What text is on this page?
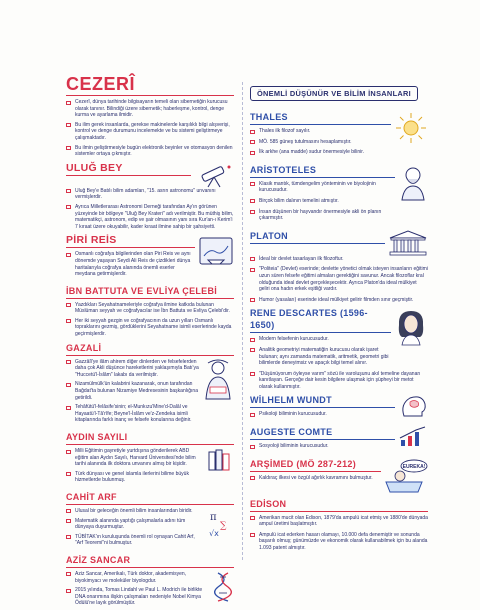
CEZERÎ
Cezerî, dünya tarihinde bilgisayarın temeli olan sibernetiğin kurucusu olarak tanınır. Bilindiği üzere sibernetik; haberleşme, kontrol, denge kurma ve ayarlama ilmidir.
Bu ilim gerek insanlarda, gerekse makinelerde karşılıklı bilgi alışverişi, kontrol ve denge durumunu incelemekte ve bu sistemi geliştirmeye çalışmaktadır.
Bu ilmin geliştirmesiyle bugün elektronik beyinler ve otomasyon denilen sistemler ortaya çıkmıştır.
ULUĞ BEY
Uluğ Bey'e Batılı bilim adamları, "15. asrın astronomu" unvanını vermişlerdir.
Ayrıca Milletlerarası Astronomi Derneği tarafından Ay'ın görünen yüzeyinde bir bölgeye "Uluğ Bey Krateri" adı verilmiştir. Bu müthiş bilim, matematikçi, astronom, edip ve şair olmasının yanı sıra Kur'an-ı Kerim'i 7 kıraat üzere okuyabilir, kader kıraat ilmine sahip bir şahsiyetti.
PİRİ REİS
Osmanlı coğrafya bilgilerinden olan Piri Reis ve aynı dönemde yaşayan Seydi Ali Reis de çizdikleri dünya haritalarıyla coğrafya alanında önemli eserler meydana getirmişlerdir.
İBN BATTUTA VE EVLİYA ÇELEBİ
Yazdıkları Seyahatnameleriyle coğrafya ilmine katkıda bulunan Müslüman seyyah ve coğrafyacılar ise İbn Battuta ve Evliya Çelebi'dir.
Her iki seyyah gezgin ve coğrafyacının da uzun yılları Osmanlı topraklarını gezmiş, gördüklerini Seyahatname isimli eserlerinde kayda geçirmişlerdir.
GAZALİ
Gazzâlî'ye ilâm ahirem diğer dinlerden ve felsefelerden daha çok Akli düşünce hareketlerini yaklaşımıyla Batı'ya "Huccetü'l-İslâm" lakabı da verilmiştir.
Nizamülmülk'ün kalabrini kazanarak, onun tarafından Bağdat'ta bulunan Nizamiye Medresesinin başkanlığına getirildi.
Tehâfütü'l-felâsife'sinin; el-Munkızu'Mine'd-Dalâl ve Hayaatü'l-Tâ'rîfe; Beyne'l-İslâm ve'z-Zendeka isimli kitaplarında farklı inanç ve felsefe konularına değinir.
AYDIN SAYILI
Milli Eğitimin gayretiyle yurtdışına gönderilerek ABD eğitim alan Aydın Sayılı, Harvard Üniversitesi'nde bilim tarihi alanında ilk doktora unvanını almış bir kişidir.
Türk dünyası ve genel islamla ilerlerini bilime büyük hizmetlerde bulunmuş.
CAHİT ARF
Ulusal bir geleceğin önemli bilim insanlarından biridir.
Matematik alanında yaptığı çalışmalarla adını tüm dünyaya duyurmuştur.
TÜBİTAK'ın kuruluşunda önemli rol oynayan Cahit Arf, "Arf Teoremi"ni bulmuştur.
π
∑
√x
AZİZ SANCAR
Aziz Sancar, Amerikalı, Türk doktor, akademisyen, biyokimyacı ve moleküler biyologdur.
2015 yılında, Tomas Lindahl ve Paul L. Modrich ile birlikte DNA onarımına ilişkin çalışmaları nedeniyle Nobel Kimya Ödülü'ne layık görülmüştür.
ÖNEMLİ DÜŞÜNÜR VE BİLİM İNSANLARI
THALES
Thales ilk filozof sayılır.
MÖ. 585 güneş tutulmasını hesaplamıştır.
İlk arkhe (ana madde) sudur önermesiyle bilinir.
ARİSTOTELES
Klasik mantık, tümdengelim yönteminin ve biyolojinin kurucusudur.
Birçok bilim dalının temelini atmıştır.
İnsan düşünen bir hayvandır önermesiyle akli ön planın çıkarmıştır.
PLATON
İdeal bir devlet tasarlayan ilk filozoftur.
"Politeia" (Devlet) eserinde; devlette yönetici olmak isteyen insanların eğitimi uzun süren felsefe eğitimi almaları gerektiğini savunur. Ancak filozoflar kral olduğunda ideal devlet gerçekleşecektir. Ayrıca Platon'da ideal mülkiyet geliri ona hadın erkek eşitliği vardır.
Humor (yasaları) eserinde ideal mülkiyet gelirir filmden sınır geçmiştir.
RENE DESCARTES (1596-1650)
Modern felsefenin kurucusudur.
Analitik geometriyi matematiğin kurucusu olarak işaret bulunan; aynı zamanda matematik, aritmetik, geometri gibi bilimlerde deneyimsiz ve apaçık bilgi temel alınır.
"Düşünüyorum öyleyse varım" sözü ile varoluşunu akıl temeline dayanan kanıtlayan. Gerçeğe dair kesin bilgilere ulaşmak için şüpheyi bir metot olarak kullanmıştır.
WİLHELM WUNDT
Psikoloji biliminin kurucusudur.
AUGESTE COMTE
Sosyoloji biliminin kurucusudur.
ARŞİMED (MÖ 287-212)
Kaldıraç ilkesi ve özgül ağırlık kavramını bulmuştur.
EUREKA!
EDİSON
Amerikan mucit olan Edison, 1879'da ampulü icat etmiş ve 1880'de dünyada ampul üretimi başlatmıştır.
Ampulü icat ederken hasarı olamayı, 10.000 defa denemiştir ve sonunda başarılı olmuş; günümüzde ve ekonomik olarak kullanabilmek için bu alanda 1.093 patent almıştır.
